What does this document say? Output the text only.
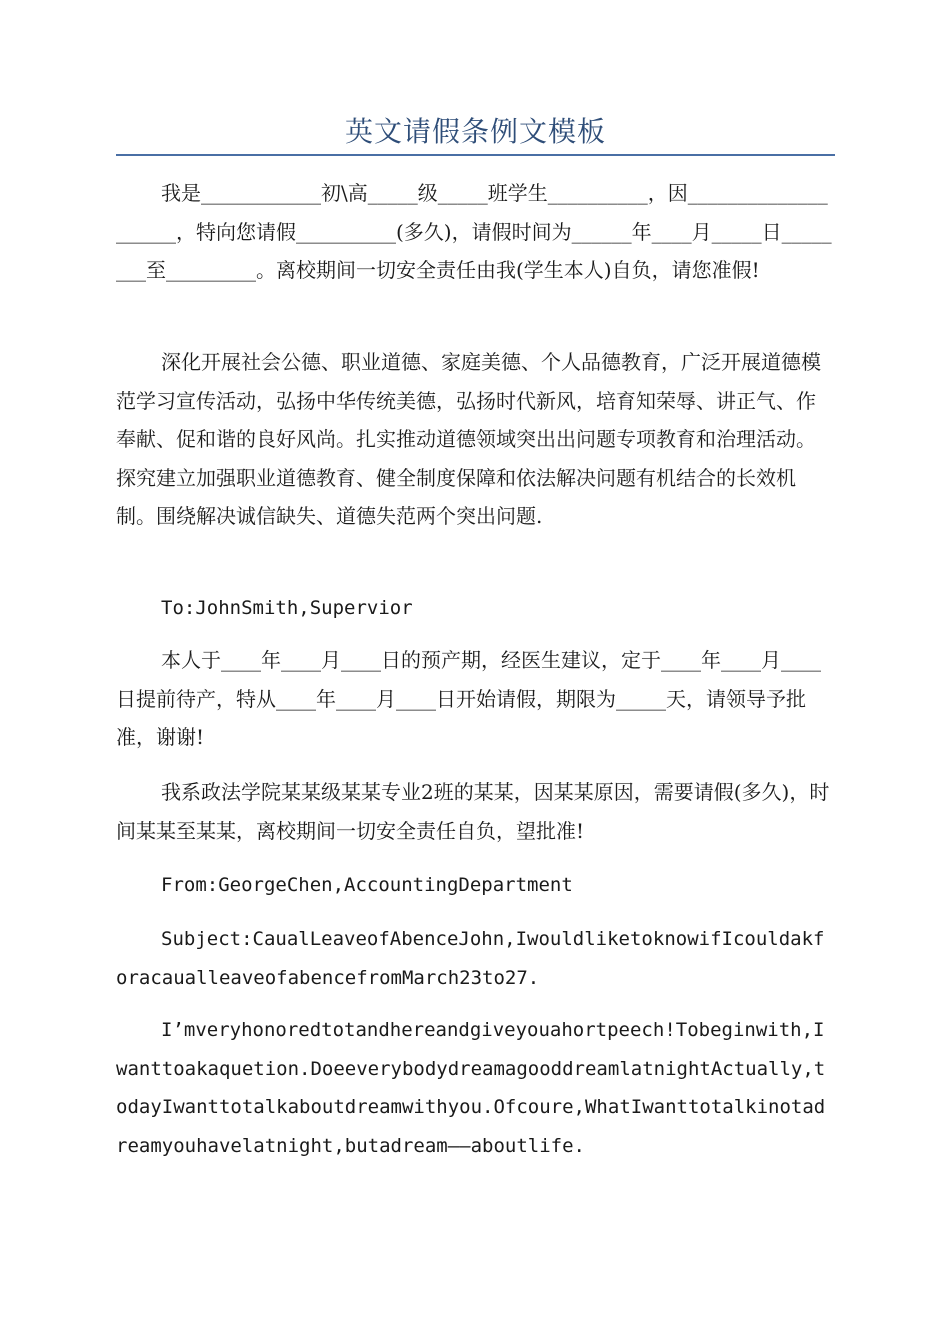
英文请假条例文模板

我是____________初\高_____级_____班学生__________，因____________________，特向您请假__________(多久)，请假时间为______年____月_____日________至_________。离校期间一切安全责任由我(学生本人)自负，请您准假!

深化开展社会公德、职业道德、家庭美德、个人品德教育，广泛开展道德模范学习宣传活动，弘扬中华传统美德，弘扬时代新风，培育知荣辱、讲正气、作奉献、促和谐的良好风尚。扎实推动道德领域突出出问题专项教育和治理活动。探究建立加强职业道德教育、健全制度保障和依法解决问题有机结合的长效机制。围绕解决诚信缺失、道德失范两个突出问题.

To:JohnSmith,Supervior

本人于____年____月____日的预产期，经医生建议，定于____年____月____日提前待产，特从____年____月____日开始请假，期限为_____天，请领导予批准，谢谢!

我系政法学院某某级某某专业2班的某某，因某某原因，需要请假(多久)，时间某某至某某，离校期间一切安全责任自负，望批准!

From:GeorgeChen,AccountingDepartment

Subject:CaualLeaveofAbenceJohn,IwouldliketoknowifIcouldakforacaualleaveofabencefromMarch23to27.

I’mveryhonoredtotandhereandgiveyouahortpeech!Tobeginwith,Iwanttoakaquetion.DoeeverybodydreamagooddreamlatnightActually,todayIwanttotalkaboutdreamwithyou.Ofcoure,WhatIwanttotalkinotadreamyouhavelatnight,butadream——aboutlife.
